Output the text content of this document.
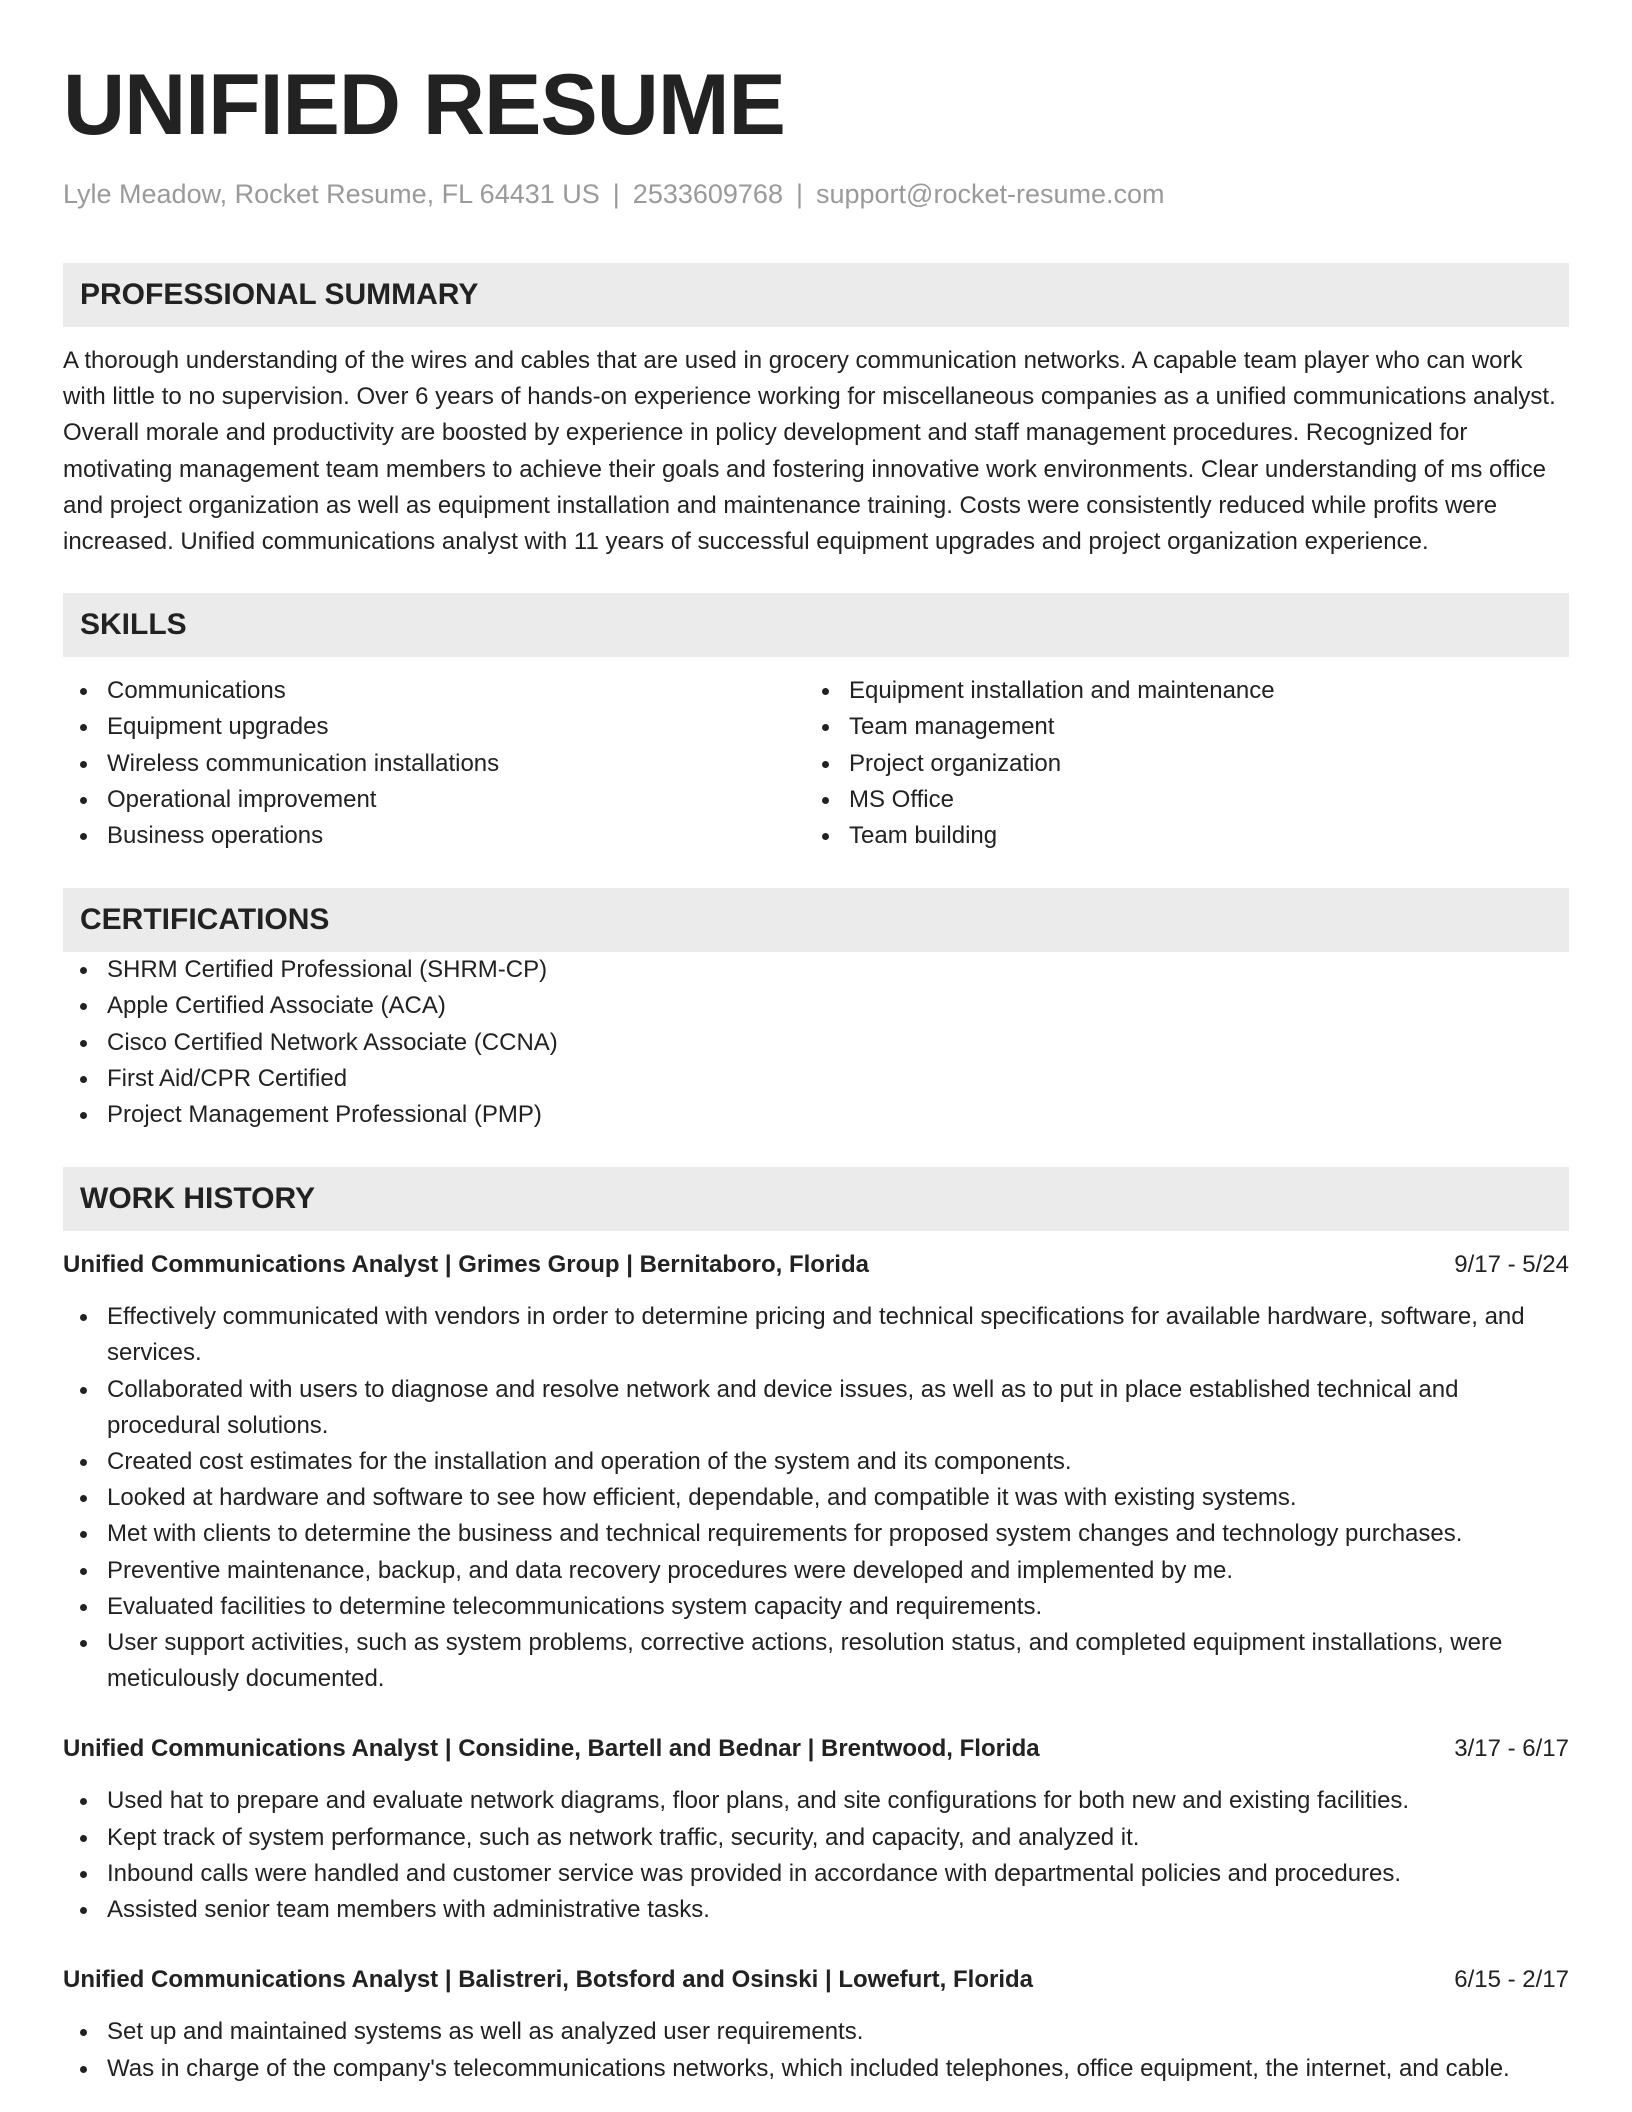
UNIFIED RESUME
Lyle Meadow, Rocket Resume, FL 64431 US | 2533609768 | support@rocket-resume.com
PROFESSIONAL SUMMARY
A thorough understanding of the wires and cables that are used in grocery communication networks. A capable team player who can work with little to no supervision. Over 6 years of hands-on experience working for miscellaneous companies as a unified communications analyst. Overall morale and productivity are boosted by experience in policy development and staff management procedures. Recognized for motivating management team members to achieve their goals and fostering innovative work environments. Clear understanding of ms office and project organization as well as equipment installation and maintenance training. Costs were consistently reduced while profits were increased. Unified communications analyst with 11 years of successful equipment upgrades and project organization experience.
SKILLS
Communications
Equipment upgrades
Wireless communication installations
Operational improvement
Business operations
Equipment installation and maintenance
Team management
Project organization
MS Office
Team building
CERTIFICATIONS
SHRM Certified Professional (SHRM-CP)
Apple Certified Associate (ACA)
Cisco Certified Network Associate (CCNA)
First Aid/CPR Certified
Project Management Professional (PMP)
WORK HISTORY
Unified Communications Analyst | Grimes Group | Bernitaboro, Florida	9/17 - 5/24
Effectively communicated with vendors in order to determine pricing and technical specifications for available hardware, software, and services.
Collaborated with users to diagnose and resolve network and device issues, as well as to put in place established technical and procedural solutions.
Created cost estimates for the installation and operation of the system and its components.
Looked at hardware and software to see how efficient, dependable, and compatible it was with existing systems.
Met with clients to determine the business and technical requirements for proposed system changes and technology purchases.
Preventive maintenance, backup, and data recovery procedures were developed and implemented by me.
Evaluated facilities to determine telecommunications system capacity and requirements.
User support activities, such as system problems, corrective actions, resolution status, and completed equipment installations, were meticulously documented.
Unified Communications Analyst | Considine, Bartell and Bednar | Brentwood, Florida	3/17 - 6/17
Used hat to prepare and evaluate network diagrams, floor plans, and site configurations for both new and existing facilities.
Kept track of system performance, such as network traffic, security, and capacity, and analyzed it.
Inbound calls were handled and customer service was provided in accordance with departmental policies and procedures.
Assisted senior team members with administrative tasks.
Unified Communications Analyst | Balistreri, Botsford and Osinski | Lowefurt, Florida	6/15 - 2/17
Set up and maintained systems as well as analyzed user requirements.
Was in charge of the company's telecommunications networks, which included telephones, office equipment, the internet, and cable.
